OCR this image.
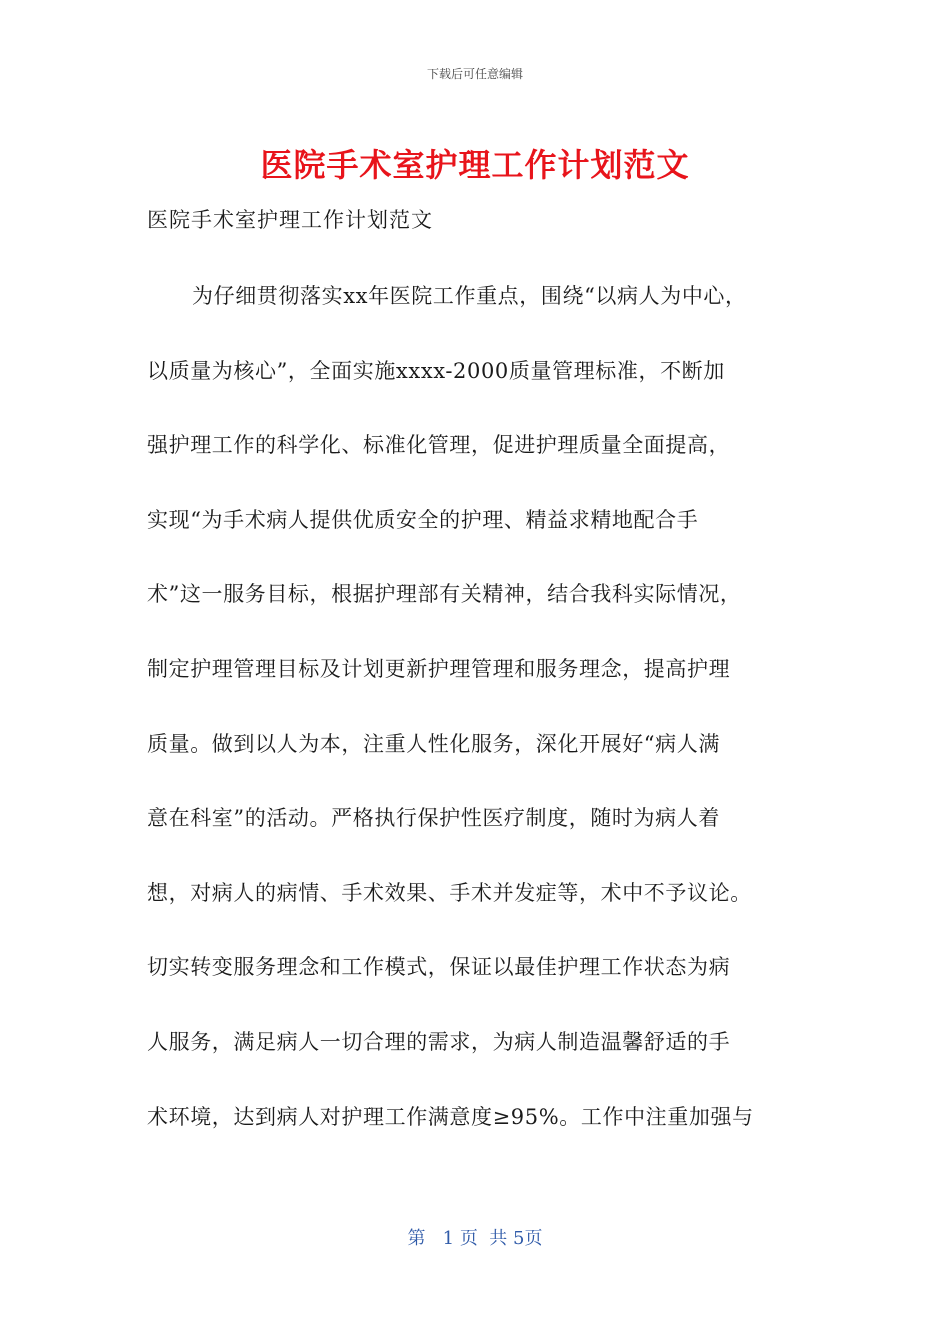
下载后可任意编辑
医院手术室护理工作计划范文
医院手术室护理工作计划范文
为仔细贯彻落实xx年医院工作重点，围绕“以病人为中心，
以质量为核心”，全面实施xxxx-2000质量管理标准，不断加
强护理工作的科学化、标准化管理，促进护理质量全面提高，
实现“为手术病人提供优质安全的护理、精益求精地配合手
术”这一服务目标，根据护理部有关精神，结合我科实际情况，
制定护理管理目标及计划更新护理管理和服务理念，提高护理
质量。做到以人为本，注重人性化服务，深化开展好“病人满
意在科室”的活动。严格执行保护性医疗制度，随时为病人着
想，对病人的病情、手术效果、手术并发症等，术中不予议论。
切实转变服务理念和工作模式，保证以最佳护理工作状态为病
人服务，满足病人一切合理的需求，为病人制造温馨舒适的手
术环境，达到病人对护理工作满意度≥95%。工作中注重加强与
第   1 页  共 5页
